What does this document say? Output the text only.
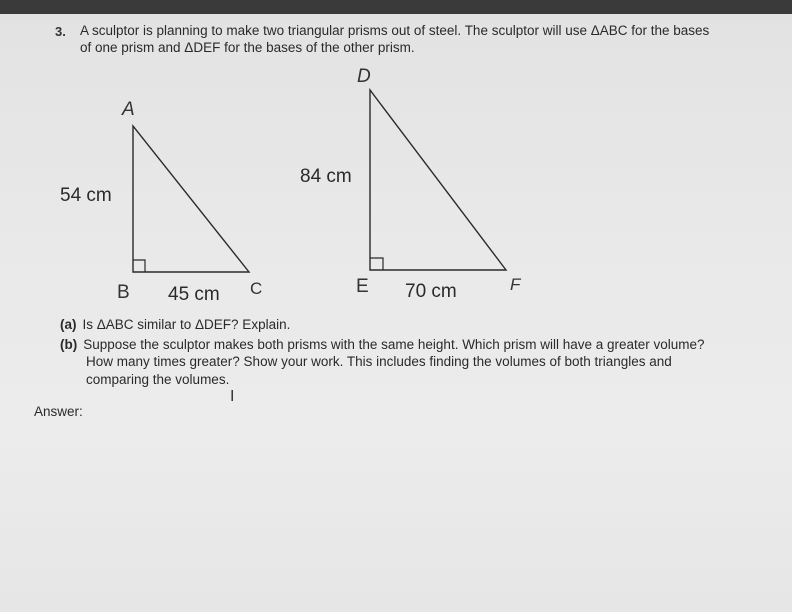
3. A sculptor is planning to make two triangular prisms out of steel. The sculptor will use ΔABC for the bases
of one prism and ΔDEF for the bases of the other prism.
A
B	C
54 cm
45 cm
D
E	F
84 cm
70 cm
(a) Is ΔABC similar to ΔDEF? Explain.
(b) Suppose the sculptor makes both prisms with the same height. Which prism will have a greater volume?
How many times greater? Show your work. This includes finding the volumes of both triangles and
comparing the volumes.
I
Answer:
